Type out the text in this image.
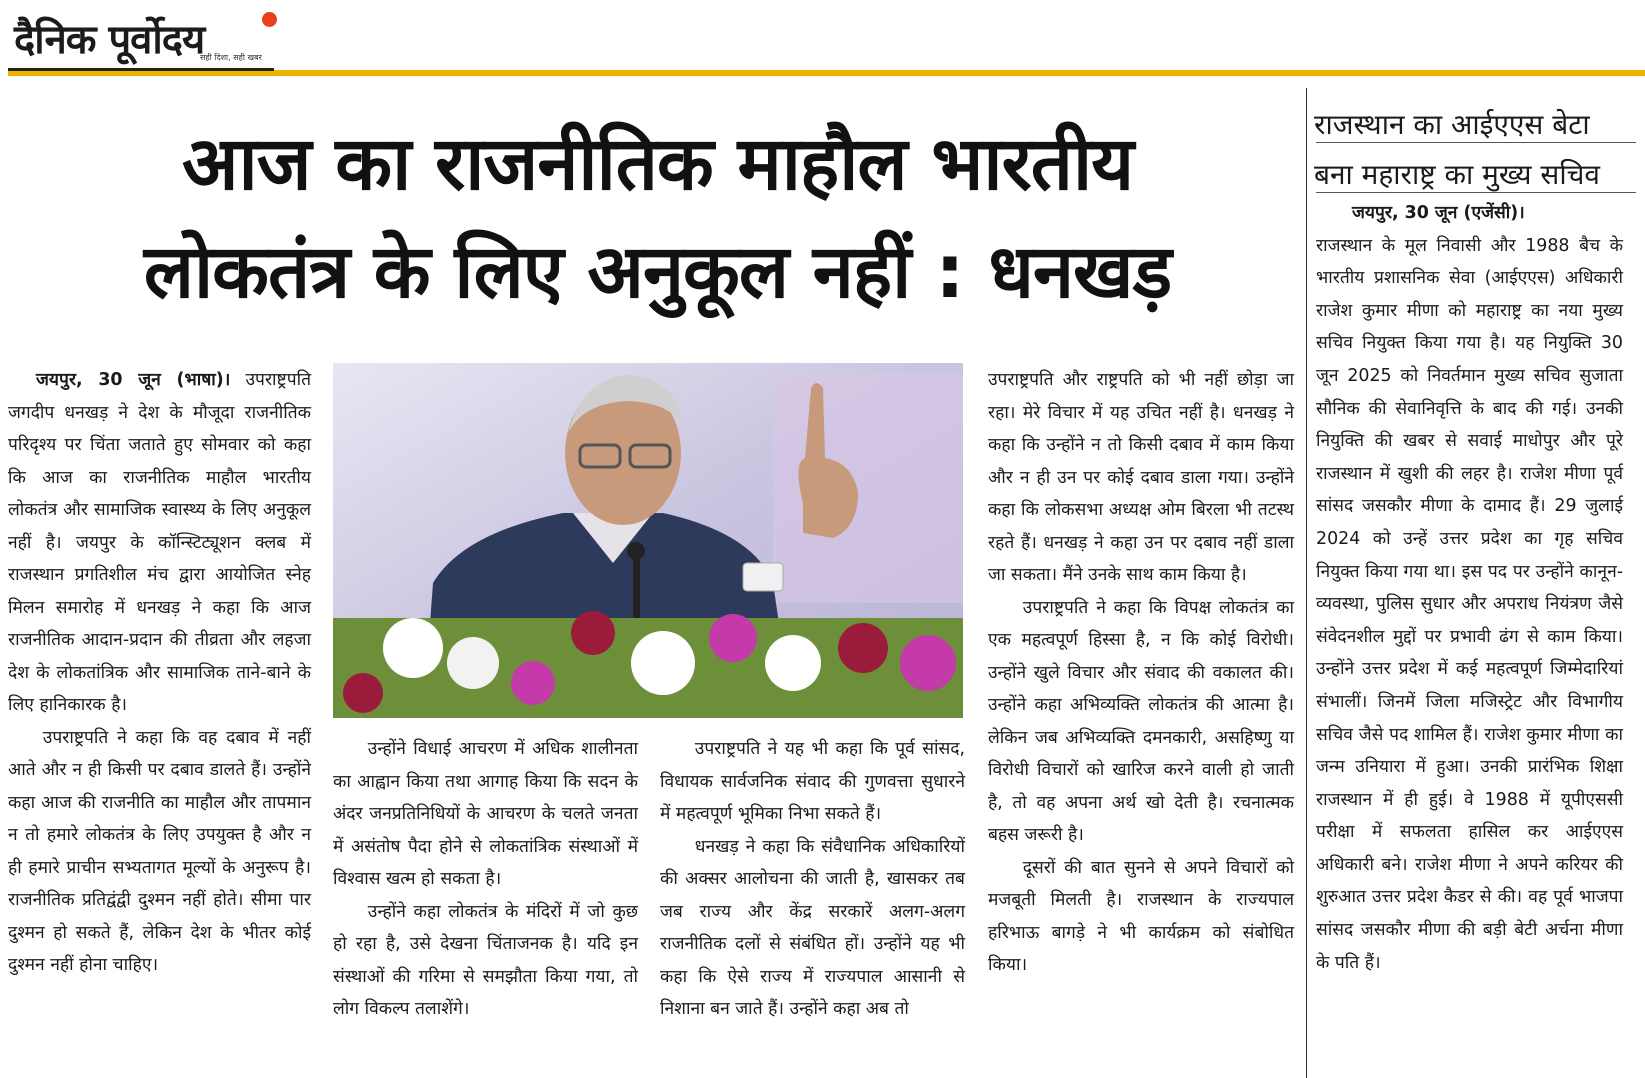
दैनिक पूर्वोदय
सही दिशा, सही खबर
आज का राजनीतिक माहौल भारतीय
लोकतंत्र के लिए अनुकूल नहीं : धनखड़

जयपुर, 30 जून (भाषा)। उपराष्ट्रपति जगदीप धनखड़ ने देश के मौजूदा राजनीतिक परिदृश्य पर चिंता जताते हुए सोमवार को कहा कि आज का राजनीतिक माहौल भारतीय लोकतंत्र और सामाजिक स्वास्थ्य के लिए अनुकूल नहीं है। जयपुर के कॉन्स्टिट्यूशन क्लब में राजस्थान प्रगतिशील मंच द्वारा आयोजित स्नेह मिलन समारोह में धनखड़ ने कहा कि आज राजनीतिक आदान-प्रदान की तीव्रता और लहजा देश के लोकतांत्रिक और सामाजिक ताने-बाने के लिए हानिकारक है।

उपराष्ट्रपति ने कहा कि वह दबाव में नहीं आते और न ही किसी पर दबाव डालते हैं। उन्होंने कहा आज की राजनीति का माहौल और तापमान न तो हमारे लोकतंत्र के लिए उपयुक्त है और न ही हमारे प्राचीन सभ्यतागत मूल्यों के अनुरूप है। राजनीतिक प्रतिद्वंद्वी दुश्मन नहीं होते। सीमा पार दुश्मन हो सकते हैं, लेकिन देश के भीतर कोई दुश्मन नहीं होना चाहिए।

उन्होंने विधाई आचरण में अधिक शालीनता का आह्वान किया तथा आगाह किया कि सदन के अंदर जनप्रतिनिधियों के आचरण के चलते जनता में असंतोष पैदा होने से लोकतांत्रिक संस्थाओं में विश्वास खत्म हो सकता है।

उन्होंने कहा लोकतंत्र के मंदिरों में जो कुछ हो रहा है, उसे देखना चिंताजनक है। यदि इन संस्थाओं की गरिमा से समझौता किया गया, तो लोग विकल्प तलाशेंगे।

उपराष्ट्रपति ने यह भी कहा कि पूर्व सांसद, विधायक सार्वजनिक संवाद की गुणवत्ता सुधारने में महत्वपूर्ण भूमिका निभा सकते हैं।

धनखड़ ने कहा कि संवैधानिक अधिकारियों की अक्सर आलोचना की जाती है, खासकर तब जब राज्य और केंद्र सरकारें अलग-अलग राजनीतिक दलों से संबंधित हों। उन्होंने यह भी कहा कि ऐसे राज्य में राज्यपाल आसानी से निशाना बन जाते हैं। उन्होंने कहा अब तो

उपराष्ट्रपति और राष्ट्रपति को भी नहीं छोड़ा जा रहा। मेरे विचार में यह उचित नहीं है। धनखड़ ने कहा कि उन्होंने न तो किसी दबाव में काम किया और न ही उन पर कोई दबाव डाला गया। उन्होंने कहा कि लोकसभा अध्यक्ष ओम बिरला भी तटस्थ रहते हैं। धनखड़ ने कहा उन पर दबाव नहीं डाला जा सकता। मैंने उनके साथ काम किया है।

उपराष्ट्रपति ने कहा कि विपक्ष लोकतंत्र का एक महत्वपूर्ण हिस्सा है, न कि कोई विरोधी। उन्होंने खुले विचार और संवाद की वकालत की। उन्होंने कहा अभिव्यक्ति लोकतंत्र की आत्मा है। लेकिन जब अभिव्यक्ति दमनकारी, असहिष्णु या विरोधी विचारों को खारिज करने वाली हो जाती है, तो वह अपना अर्थ खो देती है। रचनात्मक बहस जरूरी है।

दूसरों की बात सुनने से अपने विचारों को मजबूती मिलती है। राजस्थान के राज्यपाल हरिभाऊ बागड़े ने भी कार्यक्रम को संबोधित किया।

राजस्थान का आईएएस बेटा
बना महाराष्ट्र का मुख्य सचिव

जयपुर, 30 जून (एजेंसी)।
राजस्थान के मूल निवासी और 1988 बैच के भारतीय प्रशासनिक सेवा (आईएएस) अधिकारी राजेश कुमार मीणा को महाराष्ट्र का नया मुख्य सचिव नियुक्त किया गया है। यह नियुक्ति 30 जून 2025 को निवर्तमान मुख्य सचिव सुजाता सौनिक की सेवानिवृत्ति के बाद की गई। उनकी नियुक्ति की खबर से सवाई माधोपुर और पूरे राजस्थान में खुशी की लहर है। राजेश मीणा पूर्व सांसद जसकौर मीणा के दामाद हैं। 29 जुलाई 2024 को उन्हें उत्तर प्रदेश का गृह सचिव नियुक्त किया गया था। इस पद पर उन्होंने कानून-व्यवस्था, पुलिस सुधार और अपराध नियंत्रण जैसे संवेदनशील मुद्दों पर प्रभावी ढंग से काम किया। उन्होंने उत्तर प्रदेश में कई महत्वपूर्ण जिम्मेदारियां संभालीं। जिनमें जिला मजिस्ट्रेट और विभागीय सचिव जैसे पद शामिल हैं। राजेश कुमार मीणा का जन्म उनियारा में हुआ। उनकी प्रारंभिक शिक्षा राजस्थान में ही हुई। वे 1988 में यूपीएससी परीक्षा में सफलता हासिल कर आईएएस अधिकारी बने। राजेश मीणा ने अपने करियर की शुरुआत उत्तर प्रदेश कैडर से की। वह पूर्व भाजपा सांसद जसकौर मीणा की बड़ी बेटी अर्चना मीणा के पति हैं।
